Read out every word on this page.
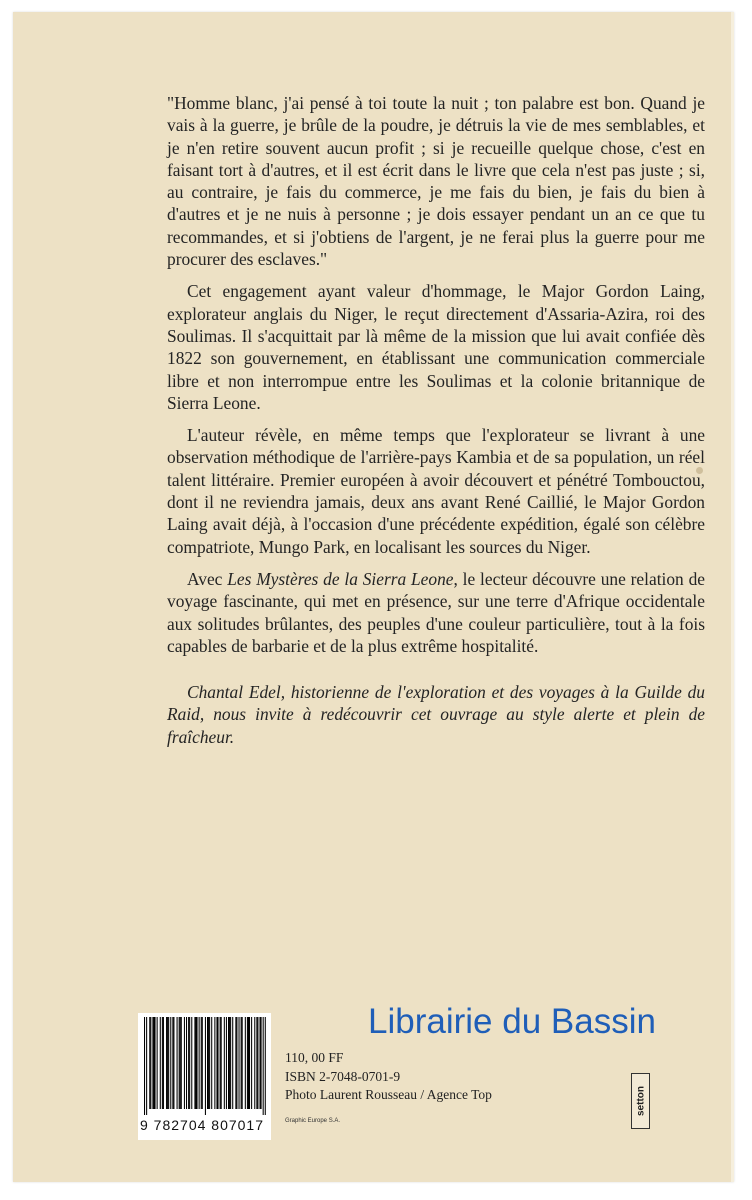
"Homme blanc, j'ai pensé à toi toute la nuit ; ton palabre est bon. Quand je vais à la guerre, je brûle de la poudre, je détruis la vie de mes semblables, et je n'en retire souvent aucun profit ; si je recueille quelque chose, c'est en faisant tort à d'autres, et il est écrit dans le livre que cela n'est pas juste ; si, au contraire, je fais du commerce, je me fais du bien, je fais du bien à d'autres et je ne nuis à personne ; je dois essayer pendant un an ce que tu recommandes, et si j'obtiens de l'argent, je ne ferai plus la guerre pour me procurer des esclaves."

Cet engagement ayant valeur d'hommage, le Major Gordon Laing, explorateur anglais du Niger, le reçut directement d'Assaria-Azira, roi des Soulimas. Il s'acquittait par là même de la mission que lui avait confiée dès 1822 son gouvernement, en établissant une communication commerciale libre et non interrompue entre les Soulimas et la colonie britannique de Sierra Leone.

L'auteur révèle, en même temps que l'explorateur se livrant à une observation méthodique de l'arrière-pays Kambia et de sa population, un réel talent littéraire. Premier européen à avoir découvert et pénétré Tombouctou, dont il ne reviendra jamais, deux ans avant René Caillié, le Major Gordon Laing avait déjà, à l'occasion d'une précédente expédition, égalé son célèbre compatriote, Mungo Park, en localisant les sources du Niger.

Avec Les Mystères de la Sierra Leone, le lecteur découvre une relation de voyage fascinante, qui met en présence, sur une terre d'Afrique occidentale aux solitudes brûlantes, des peuples d'une couleur particulière, tout à la fois capables de barbarie et de la plus extrême hospitalité.

Chantal Edel, historienne de l'exploration et des voyages à la Guilde du Raid, nous invite à redécouvrir cet ouvrage au style alerte et plein de fraîcheur.

Librairie du Bassin
9 782704 807017
110, 00 FF
ISBN 2-7048-0701-9
Photo Laurent Rousseau / Agence Top
Graphic Europe S.A.
setton
